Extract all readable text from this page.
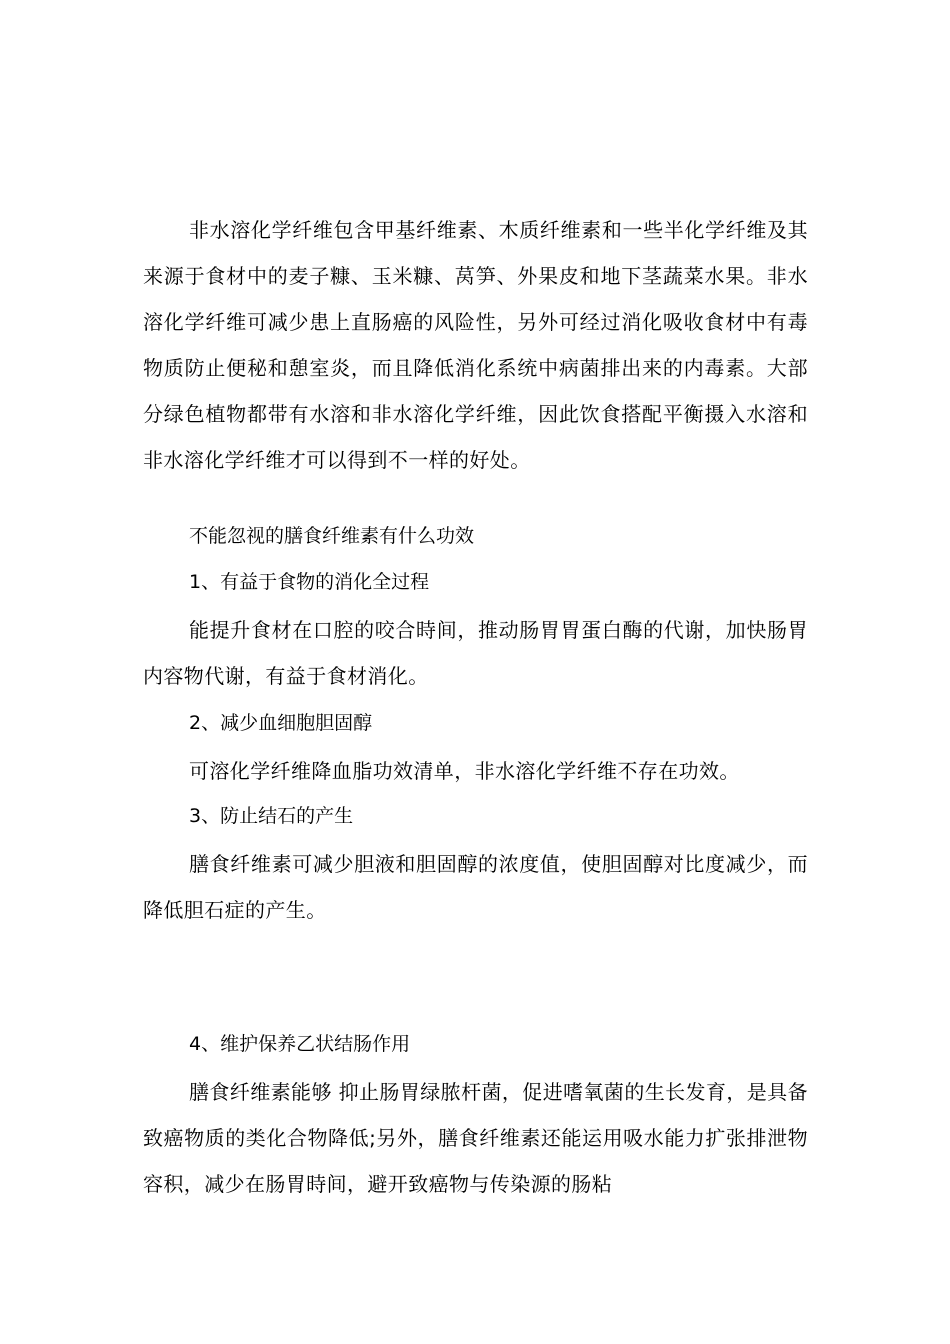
非水溶化学纤维包含甲基纤维素、木质纤维素和一些半化学纤维及其来源于食材中的麦子糠、玉米糠、莴笋、外果皮和地下茎蔬菜水果。非水溶化学纤维可减少患上直肠癌的风险性，另外可经过消化吸收食材中有毒物质防止便秘和憩室炎，而且降低消化系统中病菌排出来的内毒素。大部分绿色植物都带有水溶和非水溶化学纤维，因此饮食搭配平衡摄入水溶和非水溶化学纤维才可以得到不一样的好处。

不能忽视的膳食纤维素有什么功效

1、有益于食物的消化全过程

能提升食材在口腔的咬合時间，推动肠胃胃蛋白酶的代谢，加快肠胃内容物代谢，有益于食材消化。

2、减少血细胞胆固醇

可溶化学纤维降血脂功效清单，非水溶化学纤维不存在功效。

3、防止结石的产生

膳食纤维素可减少胆液和胆固醇的浓度值，使胆固醇对比度减少，而降低胆石症的产生。

4、维护保养乙状结肠作用

膳食纤维素能够 抑止肠胃绿脓杆菌，促进嗜氧菌的生长发育，是具备致癌物质的类化合物降低;另外，膳食纤维素还能运用吸水能力扩张排泄物容积，减少在肠胃時间，避开致癌物与传染源的肠粘
